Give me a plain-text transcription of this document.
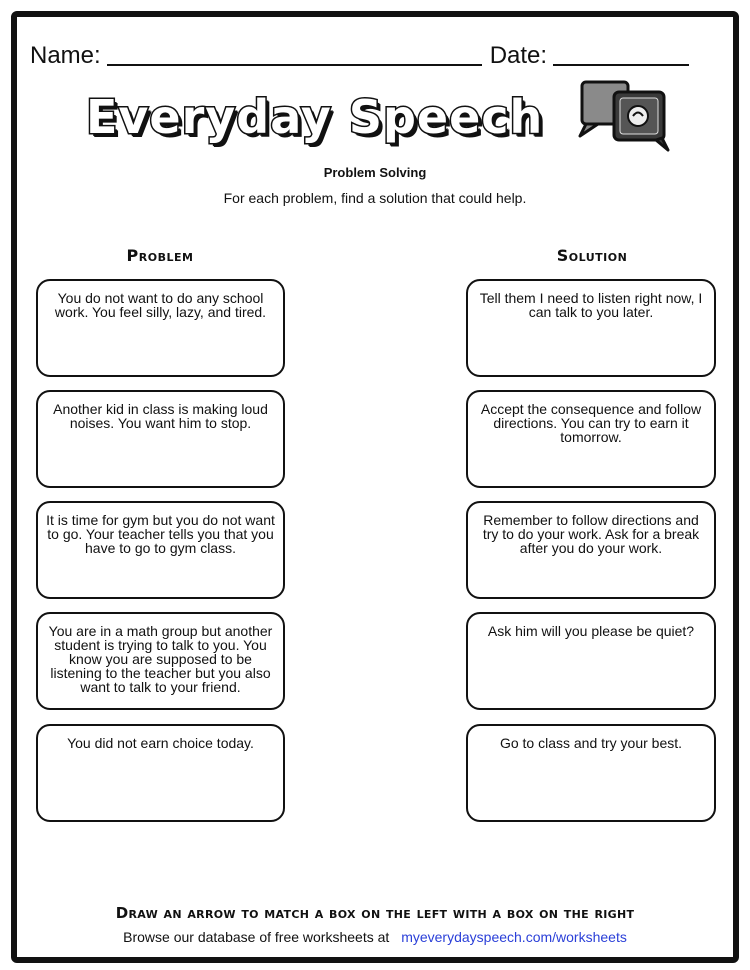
Name:	Date:
Everyday Speech
Problem Solving
For each problem, find a solution that could help.
Problem	Solution
You do not want to do any school work. You feel silly, lazy, and tired.
Another kid in class is making loud noises. You want him to stop.
It is time for gym but you do not want to go. Your teacher tells you that you have to go to gym class.
You are in a math group but another student is trying to talk to you. You know you are supposed to be listening to the teacher but you also want to talk to your friend.
You did not earn choice today.
Tell them I need to listen right now, I can talk to you later.
Accept the consequence and follow directions. You can try to earn it tomorrow.
Remember to follow directions and try to do your work. Ask for a break after you do your work.
Ask him will you please be quiet?
Go to class and try your best.
Draw an arrow to match a box on the left with a box on the right
Browse our database of free worksheets at myeverydayspeech.com/worksheets
